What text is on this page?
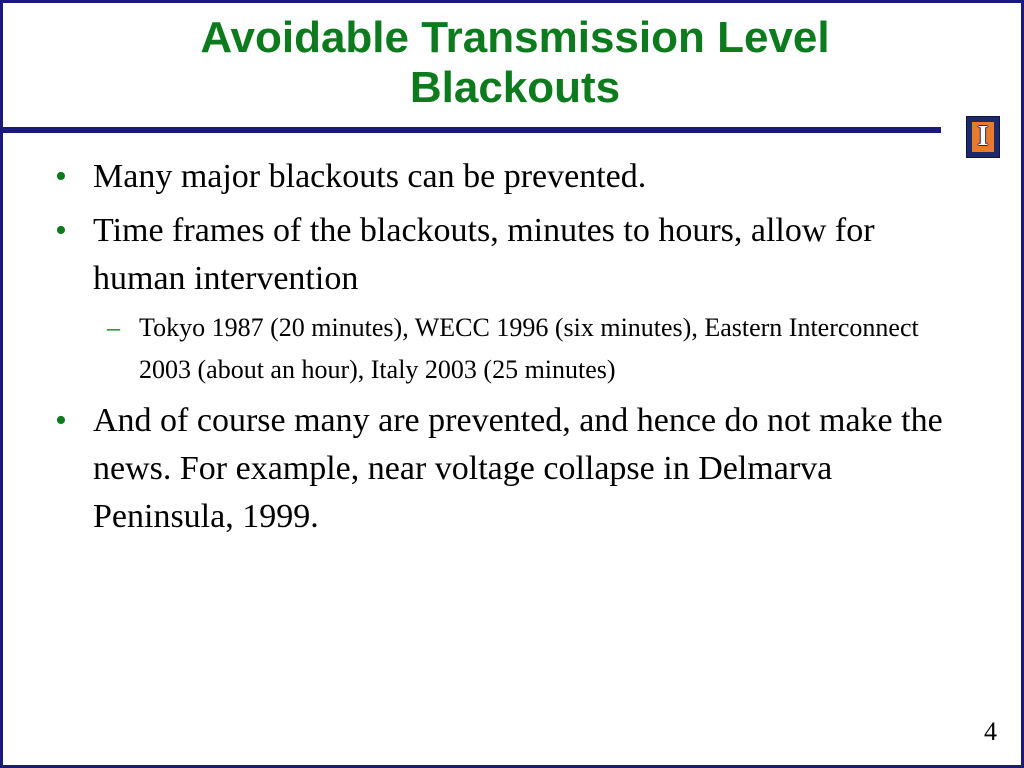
Avoidable Transmission Level
Blackouts
I
• Many major blackouts can be prevented.
• Time frames of the blackouts, minutes to hours, allow for human intervention
– Tokyo 1987 (20 minutes), WECC 1996 (six minutes), Eastern Interconnect 2003 (about an hour), Italy 2003 (25 minutes)
• And of course many are prevented, and hence do not make the news. For example, near voltage collapse in Delmarva Peninsula, 1999.
4
